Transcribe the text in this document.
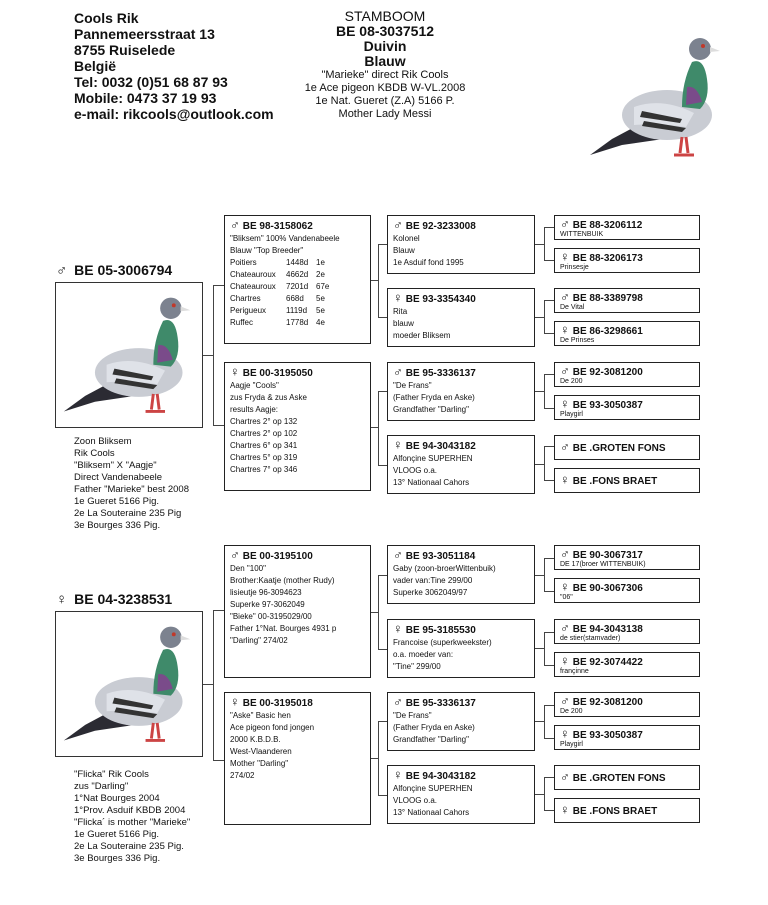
Cools Rik
Pannemeersstraat 13
8755 Ruiselede
België
Tel: 0032 (0)51 68 87 93
Mobile: 0473 37 19 93
e-mail: rikcools@outlook.com
STAMBOOM
BE 08-3037512
Duivin
Blauw
"Marieke" direct Rik Cools
1e Ace pigeon KBDB W-VL.2008
1e Nat. Gueret (Z.A) 5166 P.
Mother Lady Messi
♂ BE 05-3006794
Zoon Bliksem
Rik Cools
"Bliksem" X "Aagje"
Direct Vandenabeele
Father "Marieke" best 2008
1e Gueret 5166 Pig.
2e La Souteraine 235 Pig
3e Bourges 336 Pig.
♀ BE 04-3238531
"Flicka" Rik Cools
zus "Darling"
1°Nat Bourges 2004
1°Prov. Asduif KBDB 2004
"Flicka´ is mother "Marieke"
1e Gueret 5166 Pig.
2e La Souteraine 235 Pig.
3e Bourges 336 Pig.
♂ BE 98-3158062
"Bliksem" 100% Vandenabeele
Blauw "Top Breeder"
Poitiers	1448d 1e
Chateauroux	4662d 2e
Chateauroux	7201d 67e
Chartres	668d	5e
Perigueux	1119d	5e
Ruffec	1778d 4e
♀ BE 00-3195050
Aagje "Cools"
zus Fryda & zus Aske
results Aagje:
Chartres 2° op 132
Chartres 2° op 102
Chartres 6° op 341
Chartres 5° op 319
Chartres 7° op 346
♂ BE 00-3195100
Den "100"
Brother:Kaatje (mother Rudy)
lisieutje 96-3094623
Superke 97-3062049
"Bieke" 00-3195029/00
Father 1°Nat. Bourges 4931 p
"Darling" 274/02
♀ BE 00-3195018
"Aske" Basic hen
Ace pigeon fond jongen
2000 K.B.D.B.
West-Vlaanderen
Mother "Darling"
274/02
♂ BE 92-3233008
Kolonel
Blauw
1e Asduif fond 1995
♀ BE 93-3354340
Rita
blauw
moeder Bliksem
♂ BE 95-3336137
"De Frans"
(Father Fryda en Aske)
Grandfather "Darling"
♀ BE 94-3043182
Alfonçine SUPERHEN
VLOOG o.a.
13° Nationaal Cahors
♂ BE 93-3051184
Gaby (zoon-broerWittenbuik)
vader van:Tine 299/00
Superke 3062049/97
♀ BE 95-3185530
Francoise (superkweekster)
o.a. moeder van:
"Tine" 299/00
♂ BE 95-3336137
"De Frans"
(Father Fryda en Aske)
Grandfather "Darling"
♀ BE 94-3043182
Alfonçine SUPERHEN
VLOOG o.a.
13° Nationaal Cahors
♂ BE 88-3206112
WITTENBUIK
♀ BE 88-3206173
Prinsesje
♂ BE 88-3389798
De Vital
♀ BE 86-3298661
De Prinses
♂ BE 92-3081200
De 200
♀ BE 93-3050387
Playgirl
♂ BE .GROTEN FONS
♀ BE .FONS BRAET
♂ BE 90-3067317
DE 17(broer WITTENBUIK)
♀ BE 90-3067306
"06"
♂ BE 94-3043138
de stier(stamvader)
♀ BE 92-3074422
françinne
♂ BE 92-3081200
De 200
♀ BE 93-3050387
Playgirl
♂ BE .GROTEN FONS
♀ BE .FONS BRAET
